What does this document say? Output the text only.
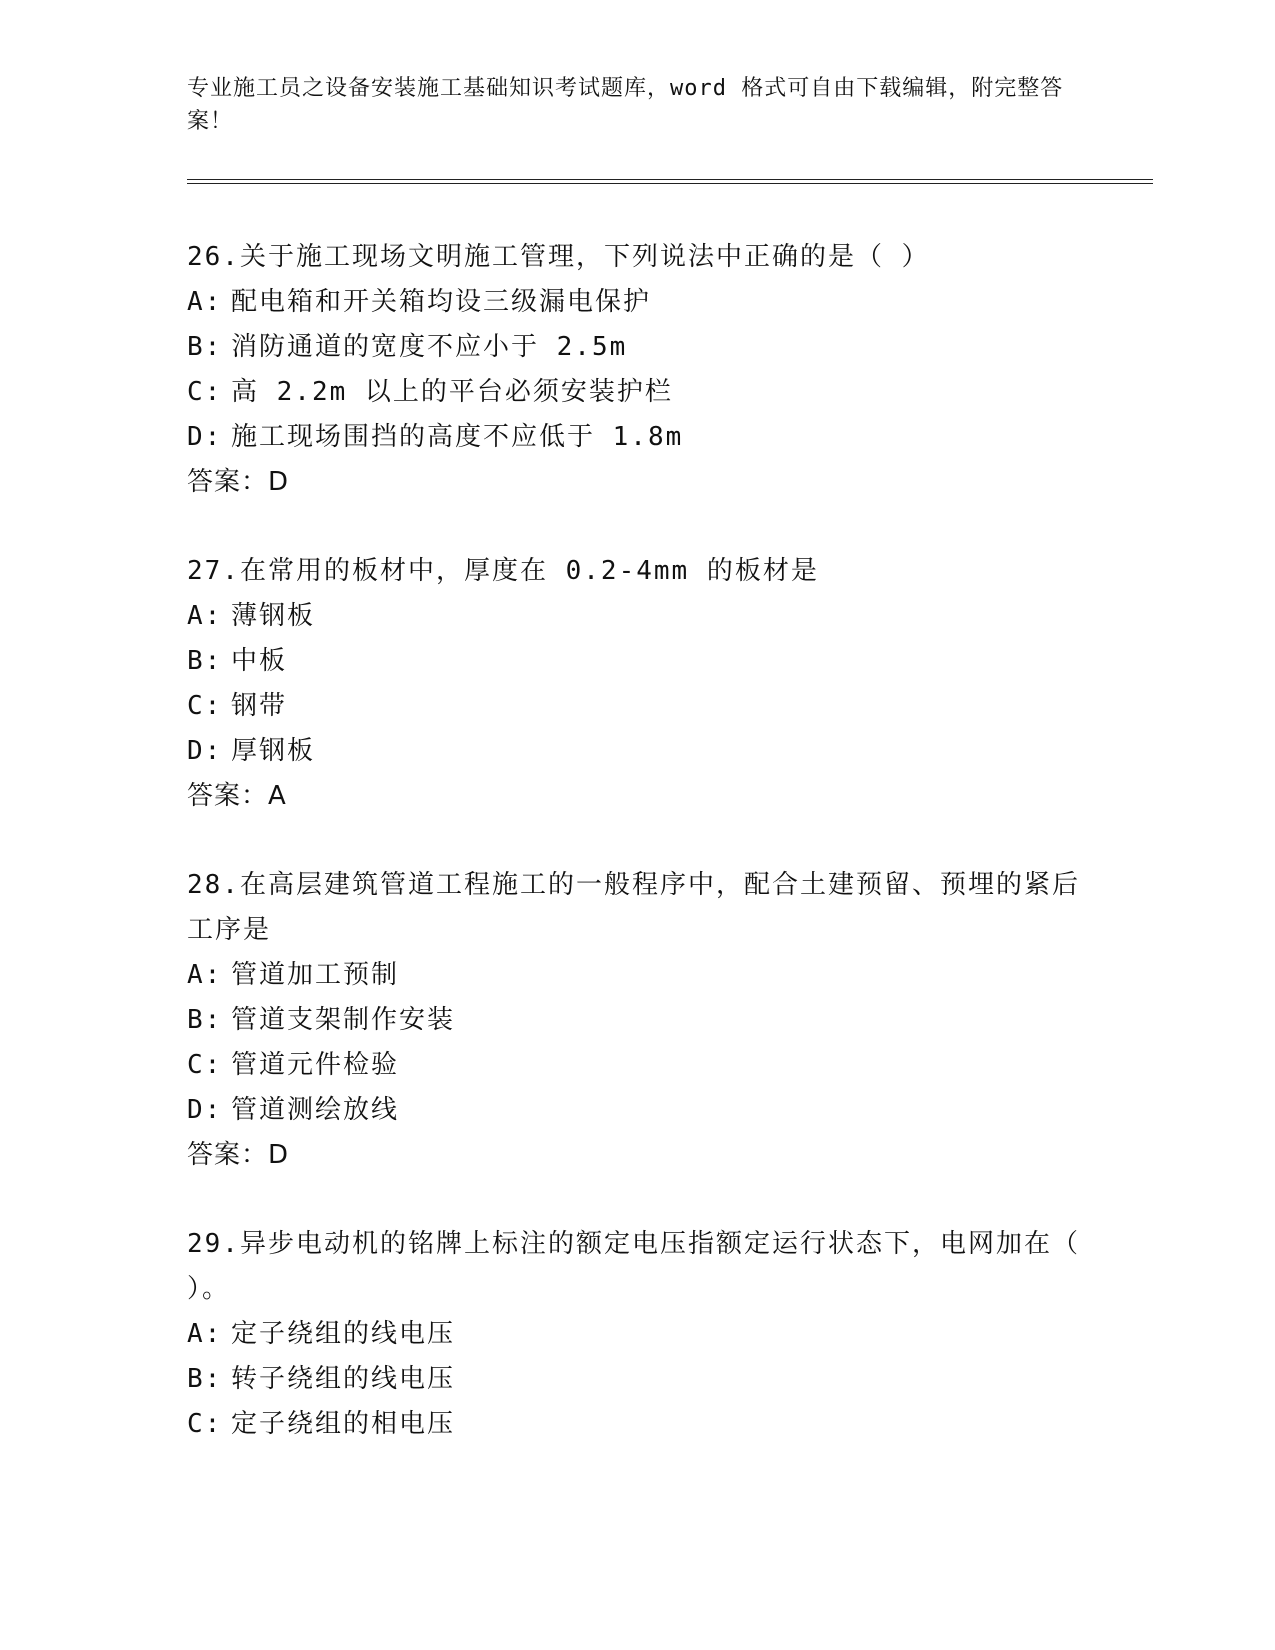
专业施工员之设备安装施工基础知识考试题库，word 格式可自由下载编辑，附完整答案！
26.关于施工现场文明施工管理，下列说法中正确的是（ ）
A: 配电箱和开关箱均设三级漏电保护
B: 消防通道的宽度不应小于 2.5m
C: 高 2.2m 以上的平台必须安装护栏
D: 施工现场围挡的高度不应低于 1.8m
答案：D
27.在常用的板材中，厚度在 0.2-4mm 的板材是
A: 薄钢板
B: 中板
C: 钢带
D: 厚钢板
答案：A
28.在高层建筑管道工程施工的一般程序中，配合土建预留、预埋的紧后工序是
A: 管道加工预制
B: 管道支架制作安装
C: 管道元件检验
D: 管道测绘放线
答案：D
29.异步电动机的铭牌上标注的额定电压指额定运行状态下，电网加在（ ）。
A: 定子绕组的线电压
B: 转子绕组的线电压
C: 定子绕组的相电压
